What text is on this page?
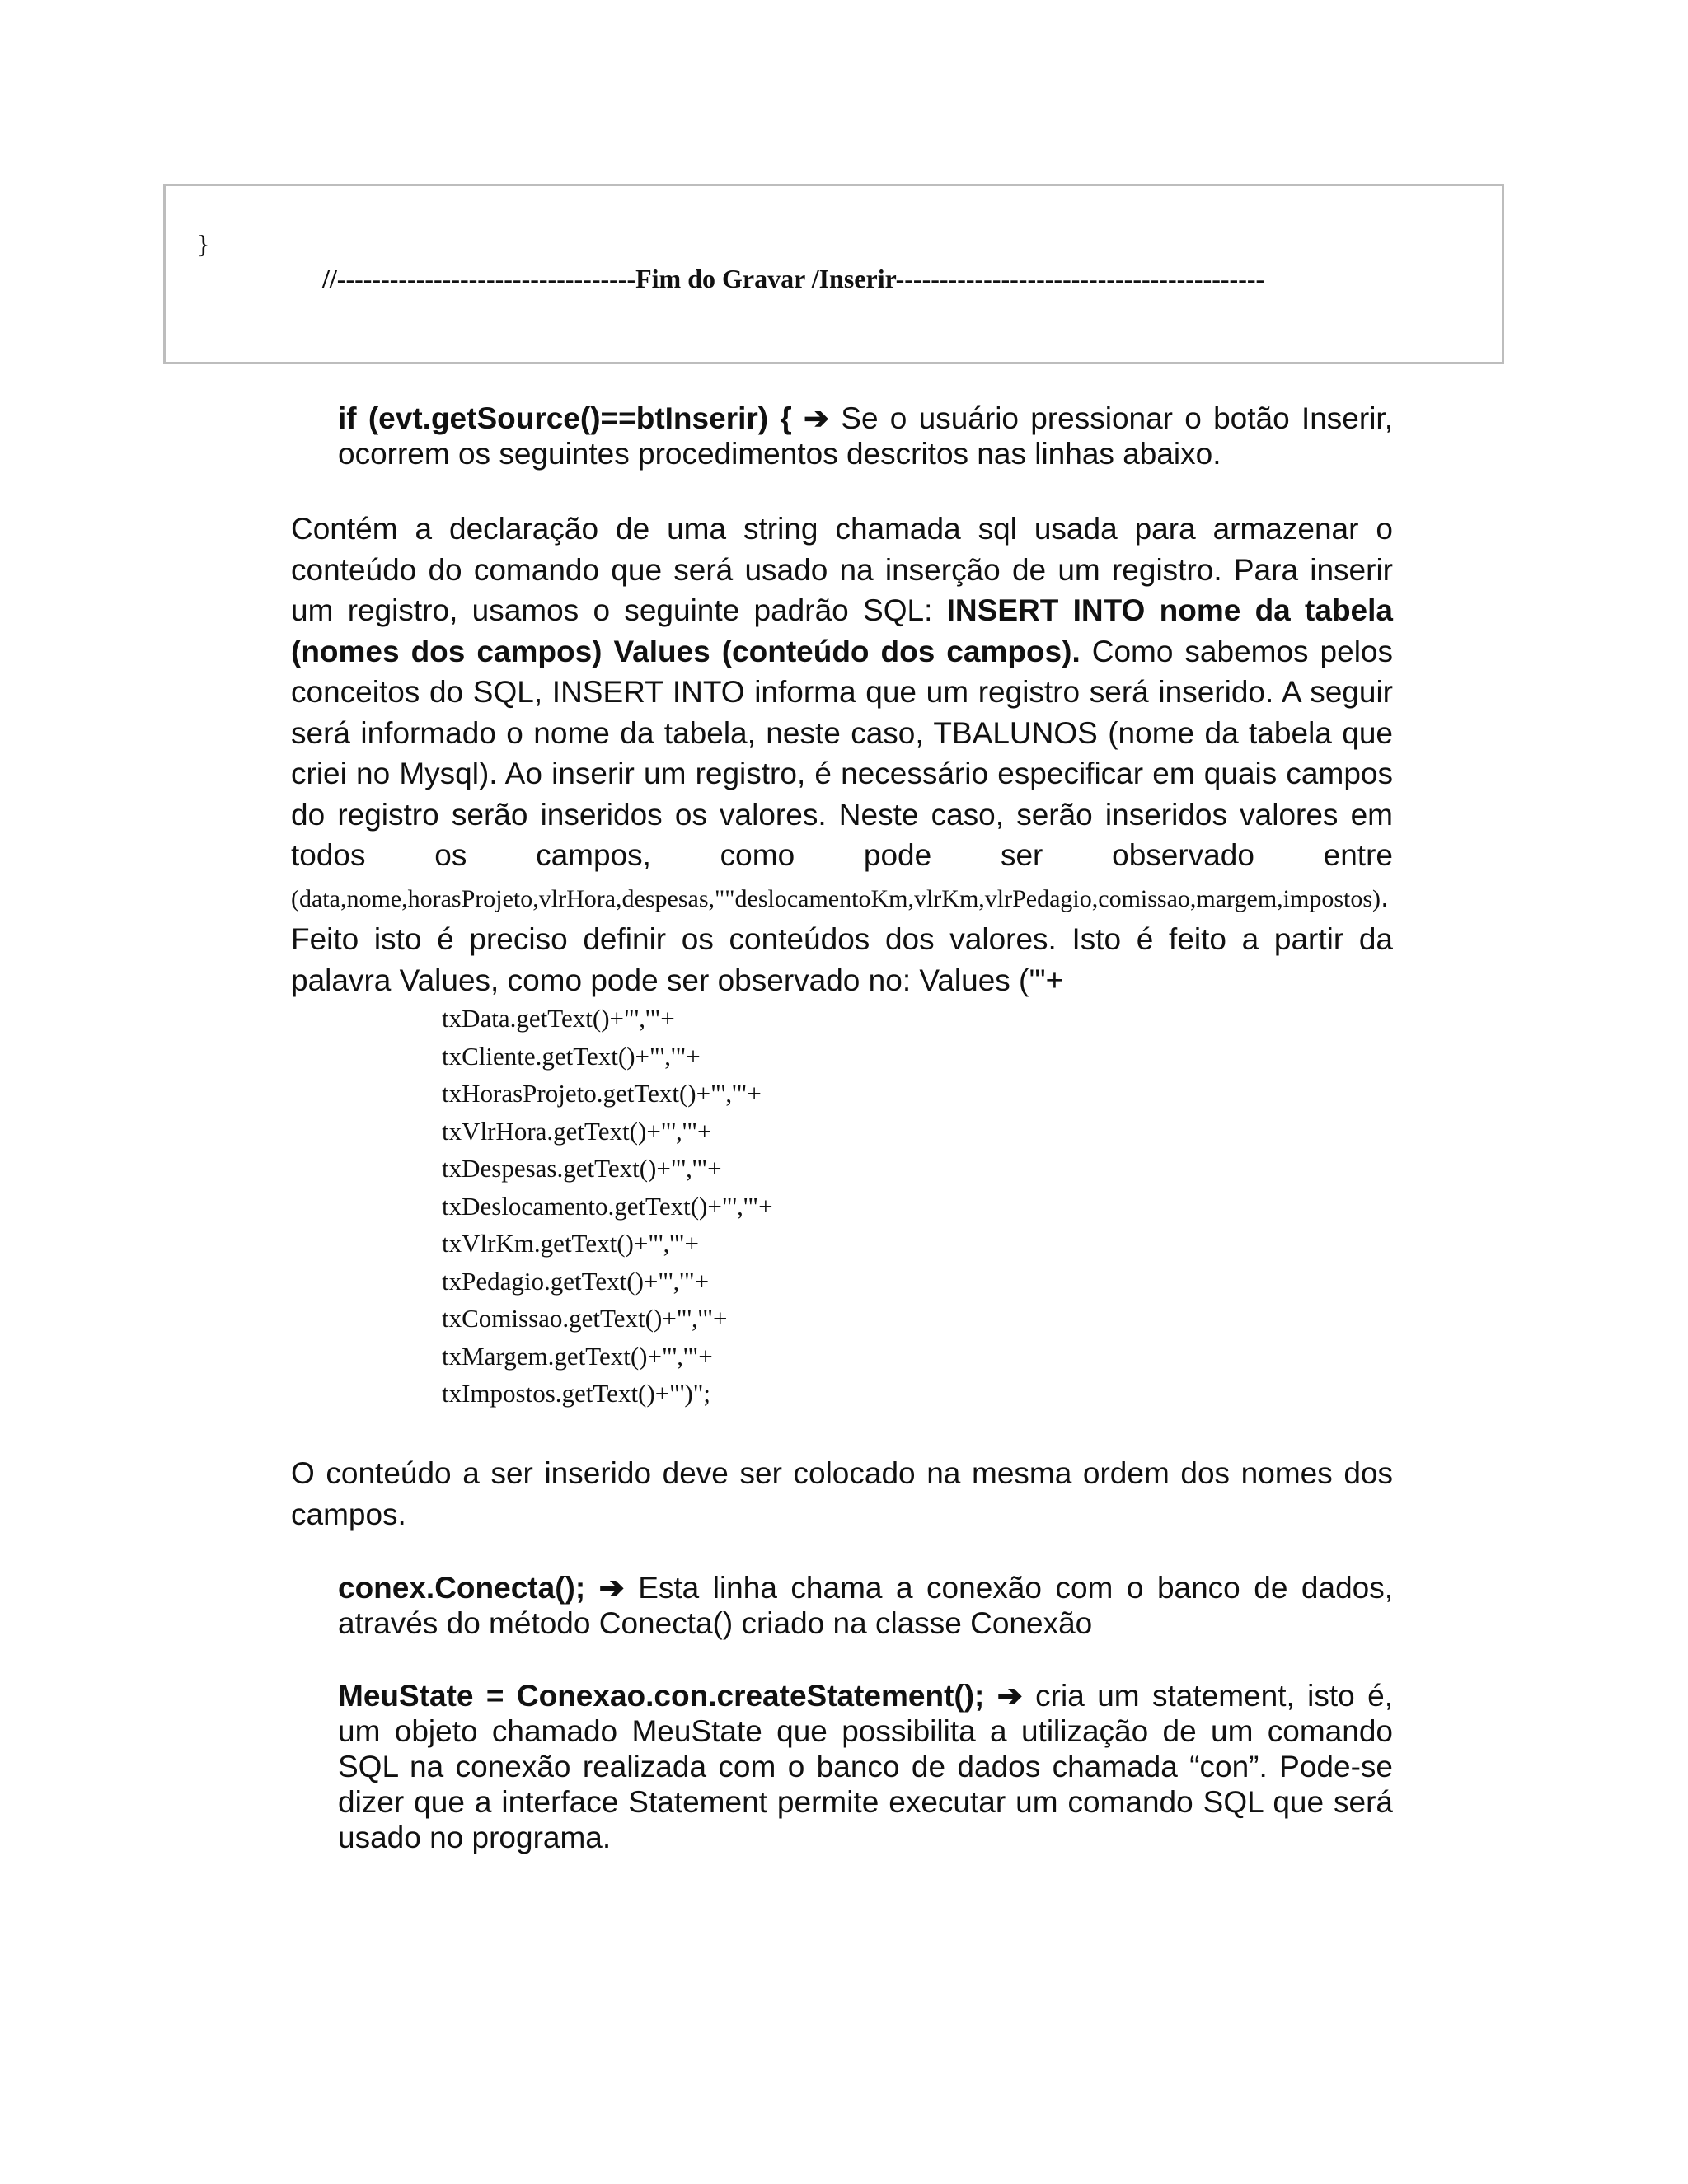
}
//----------------------------------Fim do Gravar /Inserir------------------------------------------

if (evt.getSource()==btInserir) { ➔ Se o usuário pressionar o botão Inserir, ocorrem os seguintes procedimentos descritos nas linhas abaixo.

Contém a declaração de uma string chamada sql usada para armazenar o conteúdo do comando que será usado na inserção de um registro. Para inserir um registro, usamos o seguinte padrão SQL: INSERT INTO nome da tabela (nomes dos campos) Values (conteúdo dos campos). Como sabemos pelos conceitos do SQL, INSERT INTO informa que um registro será inserido. A seguir será informado o nome da tabela, neste caso, TBALUNOS (nome da tabela que criei no Mysql). Ao inserir um registro, é necessário especificar em quais campos do registro serão inseridos os valores. Neste caso, serão inseridos valores em todos os campos, como pode ser observado entre (data,nome,horasProjeto,vlrHora,despesas,""deslocamentoKm,vlrKm,vlrPedagio,comissao,margem,impostos). Feito isto é preciso definir os conteúdos dos valores. Isto é feito a partir da palavra Values, como pode ser observado no: Values ('"+

txData.getText()+"','"+
txCliente.getText()+"','"+
txHorasProjeto.getText()+"','"+
txVlrHora.getText()+"','"+
txDespesas.getText()+"','"+
txDeslocamento.getText()+"','"+
txVlrKm.getText()+"','"+
txPedagio.getText()+"','"+
txComissao.getText()+"','"+
txMargem.getText()+"','"+
txImpostos.getText()+"')";

O conteúdo a ser inserido deve ser colocado na mesma ordem dos nomes dos campos.

conex.Conecta(); ➔ Esta linha chama a conexão com o banco de dados, através do método Conecta() criado na classe Conexão

MeuState = Conexao.con.createStatement(); ➔ cria um statement, isto é, um objeto chamado MeuState que possibilita a utilização de um comando SQL na conexão realizada com o banco de dados chamada “con”. Pode-se dizer que a interface Statement permite executar um comando SQL que será usado no programa.
